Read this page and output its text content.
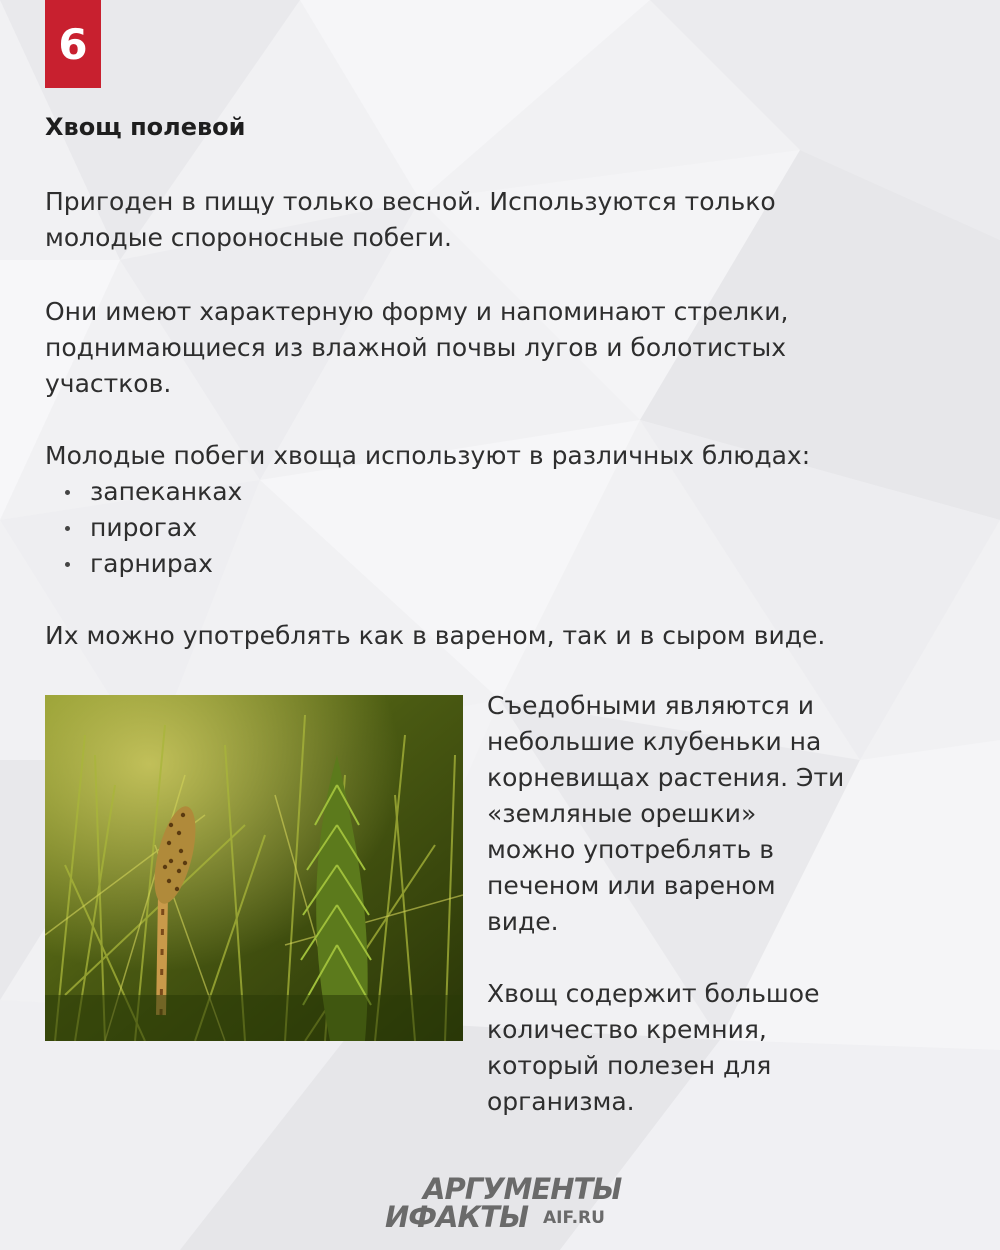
6
Хвощ полевой

Пригоден в пищу только весной. Используются только
молодые спороносные побеги.

Они имеют характерную форму и напоминают стрелки,
поднимающиеся из влажной почвы лугов и болотистых
участков.

Молодые побеги хвоща используют в различных блюдах:

запеканках
пирогах
гарнирах

Их можно употреблять как в вареном, так и в сыром виде.

Съедобными являются и
небольшие клубеньки на
корневищах растения. Эти
«земляные орешки»
можно употреблять в
печеном или вареном
виде.

Хвощ содержит большое
количество кремния,
который полезен для
организма.

АРГУМЕНТЫ
ИФАКТЫ AIF.RU
